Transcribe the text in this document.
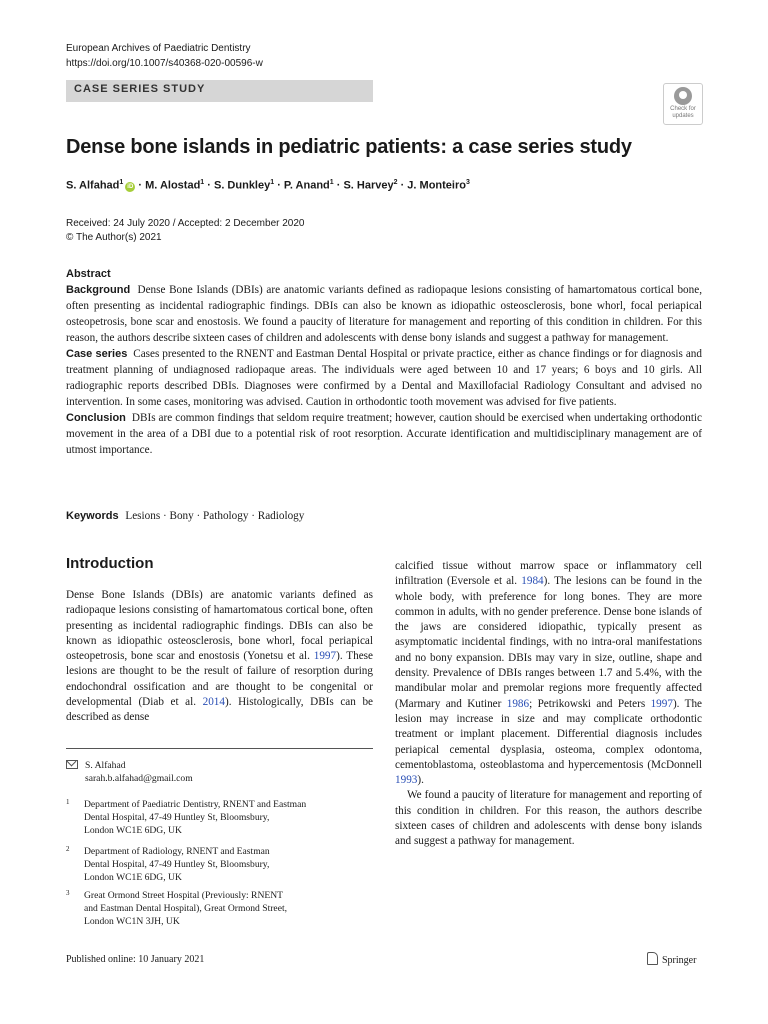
European Archives of Paediatric Dentistry
https://doi.org/10.1007/s40368-020-00596-w
CASE SERIES STUDY
Check for
updates
Dense bone islands in pediatric patients: a case series study
S. Alfahad$^1$iD · M. Alostad$^1$ · S. Dunkley$^1$ · P. Anand$^1$ · S. Harvey$^2$ · J. Monteiro$^3$
Received: 24 July 2020 / Accepted: 2 December 2020
© The Author(s) 2021
Abstract

Background Dense Bone Islands (DBIs) are anatomic variants defined as radiopaque lesions consisting of hamartomatous cortical bone, often presenting as incidental radiographic findings. DBIs can also be known as idiopathic osteosclerosis, bone whorl, focal periapical osteopetrosis, bone scar and enostosis. We found a paucity of literature for management and reporting of this condition in children. For this reason, the authors describe sixteen cases of children and adolescents with dense bony islands and suggest a pathway for management.

Case series Cases presented to the RNENT and Eastman Dental Hospital or private practice, either as chance findings or for diagnosis and treatment planning of undiagnosed radiopaque areas. The individuals were aged between 10 and 17 years; 6 boys and 10 girls. All radiographic reports described DBIs. Diagnoses were confirmed by a Dental and Maxillofacial Radiology Consultant and advised no intervention. In some cases, monitoring was advised. Caution in orthodontic tooth movement was advised for five patients.

Conclusion DBIs are common findings that seldom require treatment; however, caution should be exercised when undertaking orthodontic movement in the area of a DBI due to a potential risk of root resorption. Accurate identification and multidisciplinary management are of utmost importance.

Keywords Lesions · Bony · Pathology · Radiology
Introduction

Dense Bone Islands (DBIs) are anatomic variants defined as radiopaque lesions consisting of hamartomatous cortical bone, often presenting as incidental radiographic findings. DBIs can also be known as idiopathic osteosclerosis, bone whorl, focal periapical osteopetrosis, bone scar and enostosis (Yonetsu et al. 1997). These lesions are thought to be the result of failure of resorption during endochondral ossification and are thought to be congenital or developmental (Diab et al. 2014). Histologically, DBIs can be described as dense

calcified tissue without marrow space or inflammatory cell infiltration (Eversole et al. 1984). The lesions can be found in the whole body, with preference for long bones. They are more common in adults, with no gender preference. Dense bone islands of the jaws are considered idiopathic, typically present as asymptomatic incidental findings, with no intra-oral manifestations and no bony expansion. DBIs may vary in size, outline, shape and density. Prevalence of DBIs ranges between 1.7 and 5.4%, with the mandibular molar and premolar regions more frequently affected (Marmary and Kutiner 1986; Petrikowski and Peters 1997). The lesion may increase in size and may complicate orthodontic treatment or implant placement. Differential diagnosis includes periapical cemental dysplasia, osteoma, complex odontoma, cementoblastoma, osteoblastoma and hypercementosis (McDonnell 1993).

We found a paucity of literature for management and reporting of this condition in children. For this reason, the authors describe sixteen cases of children and adolescents with dense bony islands and suggest a pathway for management.

S. Alfahad
sarah.b.alfahad@gmail.com
1 Department of Paediatric Dentistry, RNENT and Eastman
Dental Hospital, 47-49 Huntley St, Bloomsbury,
London WC1E 6DG, UK
2 Department of Radiology, RNENT and Eastman
Dental Hospital, 47-49 Huntley St, Bloomsbury,
London WC1E 6DG, UK
3 Great Ormond Street Hospital (Previously: RNENT
and Eastman Dental Hospital), Great Ormond Street,
London WC1N 3JH, UK
Published online: 10 January 2021	Springer
